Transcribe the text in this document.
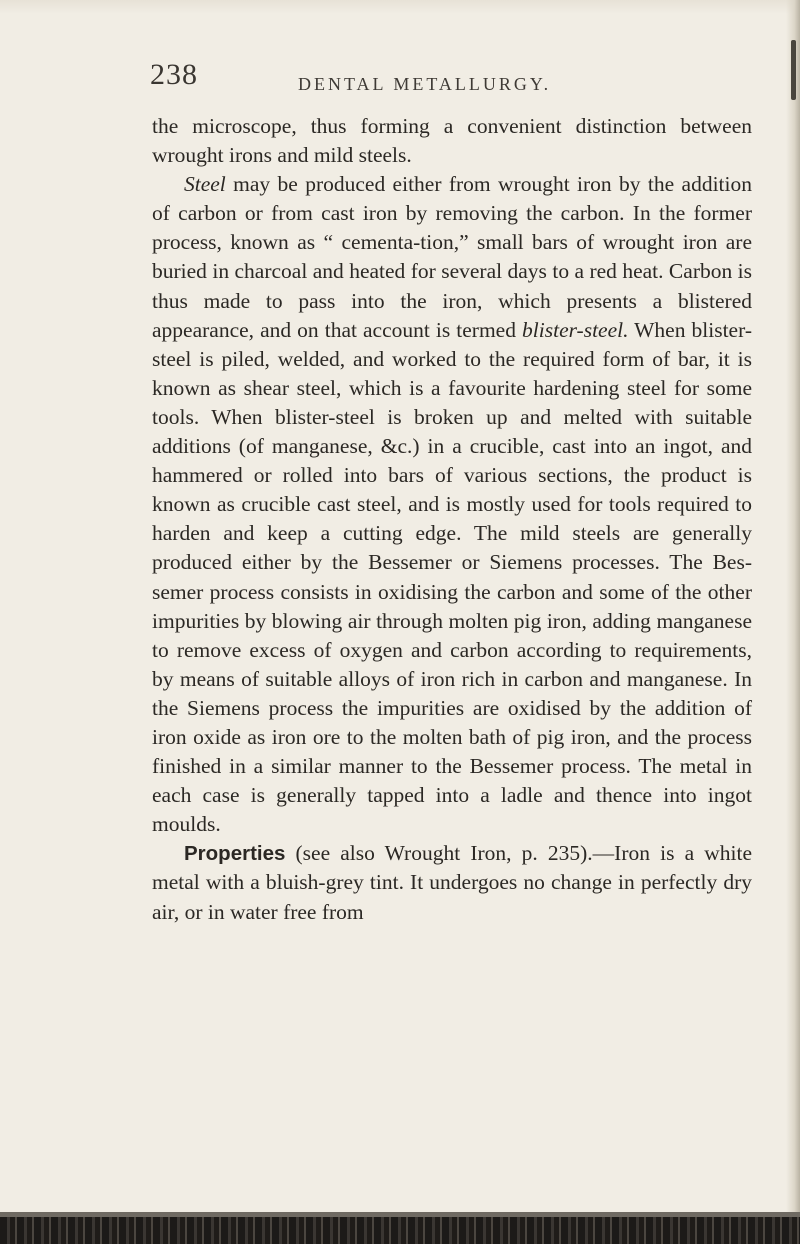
238	DENTAL METALLURGY.

the microscope, thus forming a convenient distinction between wrought irons and mild steels.

Steel may be produced either from wrought iron by the addition of carbon or from cast iron by removing the carbon. In the former process, known as “ cementa-tion,” small bars of wrought iron are buried in charcoal and heated for several days to a red heat. Carbon is thus made to pass into the iron, which presents a blistered appearance, and on that account is termed blister-steel. When blister-steel is piled, welded, and worked to the required form of bar, it is known as shear steel, which is a favourite hardening steel for some tools. When blister-steel is broken up and melted with suitable additions (of manganese, &c.) in a crucible, cast into an ingot, and hammered or rolled into bars of various sections, the product is known as crucible cast steel, and is mostly used for tools required to harden and keep a cutting edge. The mild steels are generally produced either by the Bessemer or Siemens processes. The Bes-semer process consists in oxidising the carbon and some of the other impurities by blowing air through molten pig iron, adding manganese to remove excess of oxygen and carbon according to requirements, by means of suitable alloys of iron rich in carbon and manganese. In the Siemens process the impurities are oxidised by the addition of iron oxide as iron ore to the molten bath of pig iron, and the process finished in a similar manner to the Bessemer process. The metal in each case is generally tapped into a ladle and thence into ingot moulds.

Properties (see also Wrought Iron, p. 235).—Iron is a white metal with a bluish-grey tint. It undergoes no change in perfectly dry air, or in water free from
